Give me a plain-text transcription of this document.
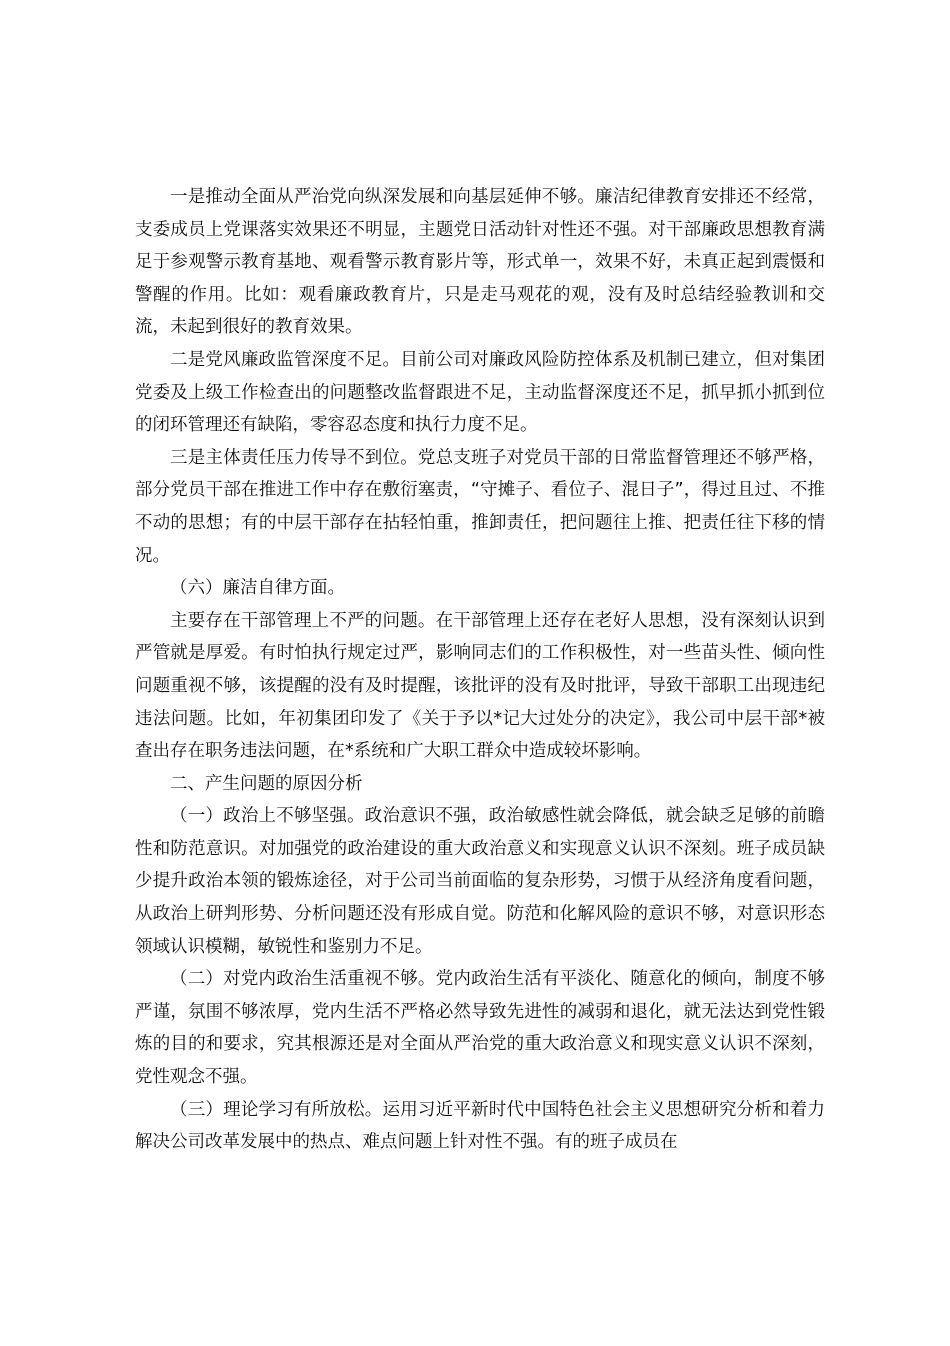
一是推动全面从严治党向纵深发展和向基层延伸不够。廉洁纪律教育安排还不经常，支委成员上党课落实效果还不明显，主题党日活动针对性还不强。对干部廉政思想教育满足于参观警示教育基地、观看警示教育影片等，形式单一，效果不好，未真正起到震慑和警醒的作用。比如：观看廉政教育片，只是走马观花的观，没有及时总结经验教训和交流，未起到很好的教育效果。

二是党风廉政监管深度不足。目前公司对廉政风险防控体系及机制已建立，但对集团党委及上级工作检查出的问题整改监督跟进不足，主动监督深度还不足，抓早抓小抓到位的闭环管理还有缺陷，零容忍态度和执行力度不足。

三是主体责任压力传导不到位。党总支班子对党员干部的日常监督管理还不够严格，部分党员干部在推进工作中存在敷衍塞责，“守摊子、看位子、混日子”，得过且过、不推不动的思想；有的中层干部存在拈轻怕重，推卸责任，把问题往上推、把责任往下移的情况。

（六）廉洁自律方面。

主要存在干部管理上不严的问题。在干部管理上还存在老好人思想，没有深刻认识到严管就是厚爱。有时怕执行规定过严，影响同志们的工作积极性，对一些苗头性、倾向性问题重视不够，该提醒的没有及时提醒，该批评的没有及时批评，导致干部职工出现违纪违法问题。比如，年初集团印发了《关于予以*记大过处分的决定》，我公司中层干部*被查出存在职务违法问题，在*系统和广大职工群众中造成较坏影响。

二、产生问题的原因分析

（一）政治上不够坚强。政治意识不强，政治敏感性就会降低，就会缺乏足够的前瞻性和防范意识。对加强党的政治建设的重大政治意义和实现意义认识不深刻。班子成员缺少提升政治本领的锻炼途径，对于公司当前面临的复杂形势，习惯于从经济角度看问题，从政治上研判形势、分析问题还没有形成自觉。防范和化解风险的意识不够，对意识形态领域认识模糊，敏锐性和鉴别力不足。

（二）对党内政治生活重视不够。党内政治生活有平淡化、随意化的倾向，制度不够严谨，氛围不够浓厚，党内生活不严格必然导致先进性的减弱和退化，就无法达到党性锻炼的目的和要求，究其根源还是对全面从严治党的重大政治意义和现实意义认识不深刻，党性观念不强。

（三）理论学习有所放松。运用习近平新时代中国特色社会主义思想研究分析和着力解决公司改革发展中的热点、难点问题上针对性不强。有的班子成员在
